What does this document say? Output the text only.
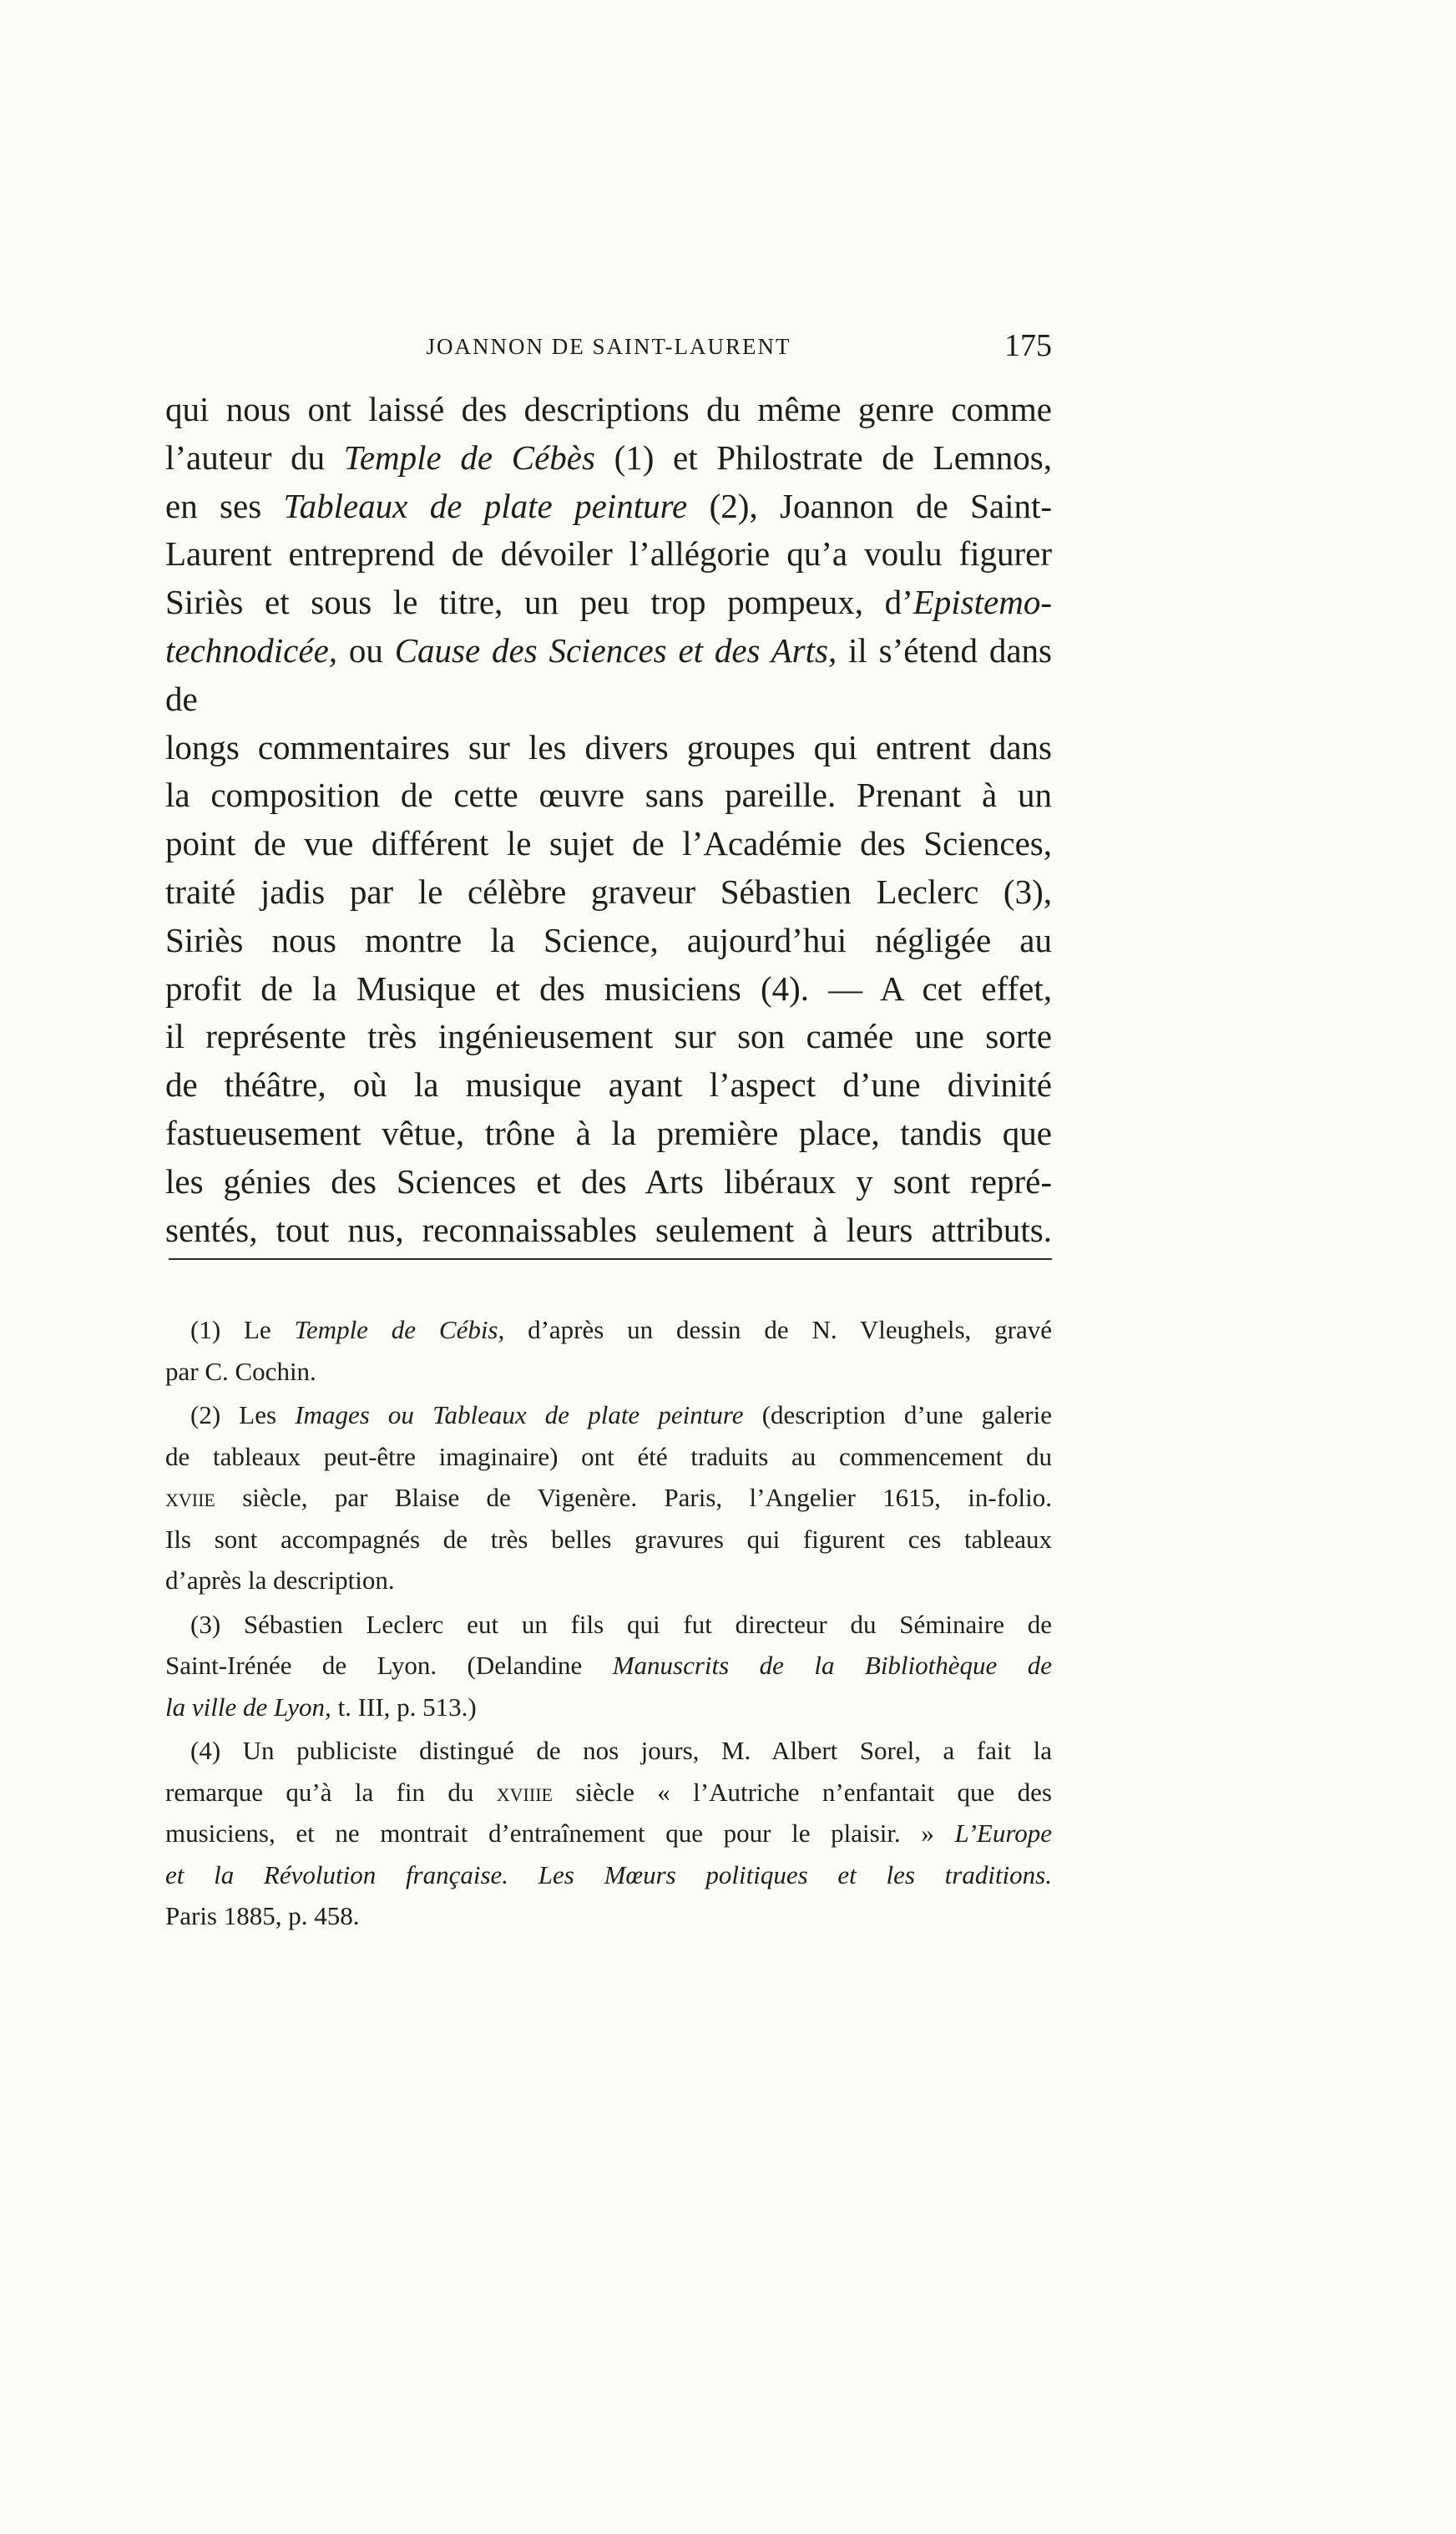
JOANNON DE SAINT-LAURENT	175
qui nous ont laissé des descriptions du même genre comme
l’auteur du Temple de Cébès (1) et Philostrate de Lemnos,
en ses Tableaux de plate peinture (2), Joannon de Saint-
Laurent entreprend de dévoiler l’allégorie qu’a voulu figurer
Siriès et sous le titre, un peu trop pompeux, d’Epistemo-
technodicée, ou Cause des Sciences et des Arts, il s’étend dans de
longs commentaires sur les divers groupes qui entrent dans
la composition de cette œuvre sans pareille. Prenant à un
point de vue différent le sujet de l’Académie des Sciences,
traité jadis par le célèbre graveur Sébastien Leclerc (3),
Siriès nous montre la Science, aujourd’hui négligée au
profit de la Musique et des musiciens (4). — A cet effet,
il représente très ingénieusement sur son camée une sorte
de théâtre, où la musique ayant l’aspect d’une divinité
fastueusement vêtue, trône à la première place, tandis que
les génies des Sciences et des Arts libéraux y sont repré-
sentés, tout nus, reconnaissables seulement à leurs attributs.
(1) Le Temple de Cébis, d’après un dessin de N. Vleughels, gravé
par C. Cochin.
(2) Les Images ou Tableaux de plate peinture (description d’une galerie
de tableaux peut-être imaginaire) ont été traduits au commencement du
xviie siècle, par Blaise de Vigenère. Paris, l’Angelier 1615, in-folio.
Ils sont accompagnés de très belles gravures qui figurent ces tableaux
d’après la description.
(3) Sébastien Leclerc eut un fils qui fut directeur du Séminaire de
Saint-Irénée de Lyon. (Delandine Manuscrits de la Bibliothèque de
la ville de Lyon, t. III, p. 513.)
(4) Un publiciste distingué de nos jours, M. Albert Sorel, a fait la
remarque qu’à la fin du xviiie siècle « l’Autriche n’enfantait que des
musiciens, et ne montrait d’entraînement que pour le plaisir. » L’Europe
et la Révolution française. Les Mœurs politiques et les traditions.
Paris 1885, p. 458.
